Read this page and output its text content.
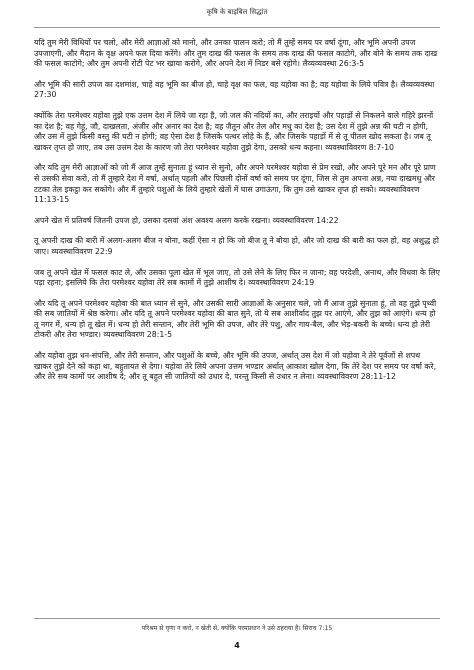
कृषि के बाइबिल सिद्धांत

यदि तुम मेरी विधियों पर चलो, और मेरी आज्ञाओं को मानो, और उनका पालन करो; तो मैं तुम्हें समय पर वर्षा दूंगा, और भूमि अपनी उपज उपजाएगी, और मैदान के वृक्ष अपने फल दिया करेंगे। और तुम दाख की फसल के समय तक दाख की फसल काटोगे, और बोने के समय तक दाख की फसल काटोगे; और तुम अपनी रोटी पेट भर खाया करोगे, और अपने देश में निडर बसे रहोगे। लैव्यव्यवस्था 26:3-5

और भूमि की सारी उपज का दशमांश, चाहे वह भूमि का बीज हो, चाहे वृक्ष का फल, वह यहोवा का है; वह यहोवा के लिये पवित्र है। लैव्यव्यवस्था 27:30

क्योंकि तेरा परमेश्वर यहोवा तुझे एक उत्तम देश में लिये जा रहा है, जो जल की नदियों का, और तराइयों और पहाड़ों से निकलने वाले गहिरे झरनों का देश है; वह गेहूं, जौ, दाखलता, अंजीर और अनार का देश है; वह जैतून और तेल और मधु का देश है; उस देश में तुझे अन्न की घटी न होगी, और उस में तुझे किसी वस्तु की घटी न होगी; वह ऐसा देश है जिसके पत्थर लोहे के हैं, और जिसके पहाड़ों में से तू पीतल खोद सकता है। जब तू खाकर तृप्त हो जाए, तब उस उत्तम देश के कारण जो तेरा परमेश्वर यहोवा तुझे देगा, उसको धन्य कहना। व्यवस्थाविवरण 8:7-10

और यदि तुम मेरी आज्ञाओं को जो मैं आज तुम्हें सुनाता हूं ध्यान से सुनो, और अपने परमेश्वर यहोवा से प्रेम रखो, और अपने पूरे मन और पूरे प्राण से उसकी सेवा करो, तो मैं तुम्हारे देश में वर्षा, अर्थात् पहली और पिछली दोनों वर्षा को समय पर दूंगा, जिस से तुम अपना अन्न, नया दाखमधु और टटका तेल इकट्ठा कर सकोगे। और मैं तुम्हारे पशुओं के लिये तुम्हारे खेतों में घास उगाऊंगा, कि तुम उसे खाकर तृप्त हो सको। व्यवस्थाविवरण 11:13-15

अपने खेत में प्रतिवर्ष जितनी उपज हो, उसका दसवां अंश अवश्य अलग करके रखना। व्यवस्थाविवरण 14:22

तू अपनी दाख की बारी में अलग-अलग बीज न बोना, कहीं ऐसा न हो कि जो बीज तू ने बोया हो, और जो दाख की बारी का फल हो, वह अशुद्ध हो जाए। व्यवस्थाविवरण 22:9

जब तू अपने खेत में फसल काट ले, और उसका पूला खेत में भूल जाए, तो उसे लेने के लिए फिर न जाना; वह परदेशी, अनाथ, और विधवा के लिए पड़ा रहना; इसलिये कि तेरा परमेश्वर यहोवा तेरे सब कामों में तुझे आशीष दे। व्यवस्थाविवरण 24:19

और यदि तू अपने परमेश्वर यहोवा की बात ध्यान से सुने, और उसकी सारी आज्ञाओं के अनुसार चले, जो मैं आज तुझे सुनाता हूं, तो वह तुझे पृथ्वी की सब जातियों में श्रेष्ठ करेगा। और यदि तू अपने परमेश्वर यहोवा की बात सुने, तो ये सब आशीर्वाद तुझ पर आएंगे, और तुझ को आएंगे। धन्य हो तू नगर में, धन्य हो तू खेत में। धन्य हो तेरी सन्तान, और तेरी भूमि की उपज, और तेरे पशु, और गाय-बैल, और भेड़-बकरी के बच्चे। धन्य हो तेरी टोकरी और तेरा भण्डार। व्यवस्थाविवरण 28:1-5

और यहोवा तुझ धन-संपत्ति, और तेरी सन्तान, और पशुओं के बच्चे, और भूमि की उपज, अर्थात् उस देश में जो यहोवा ने तेरे पूर्वजों से शपथ खाकर तुझे देने को कहा था, बहुतायत से देगा। यहोवा तेरे लिये अपना उत्तम भण्डार अर्थात् आकाश खोल देगा, कि तेरे देश पर समय पर वर्षा करे, और तेरे सब कामों पर आशीष दे; और तू बहुत सी जातियों को उधार दे, परन्तु किसी से उधार न लेना। व्यवस्थाविवरण 28:11-12

परिश्रम से घृणा न करो, न खेती से, क्योंकि परमप्रधान ने उसे ठहराया है। सिराच 7:15
4
